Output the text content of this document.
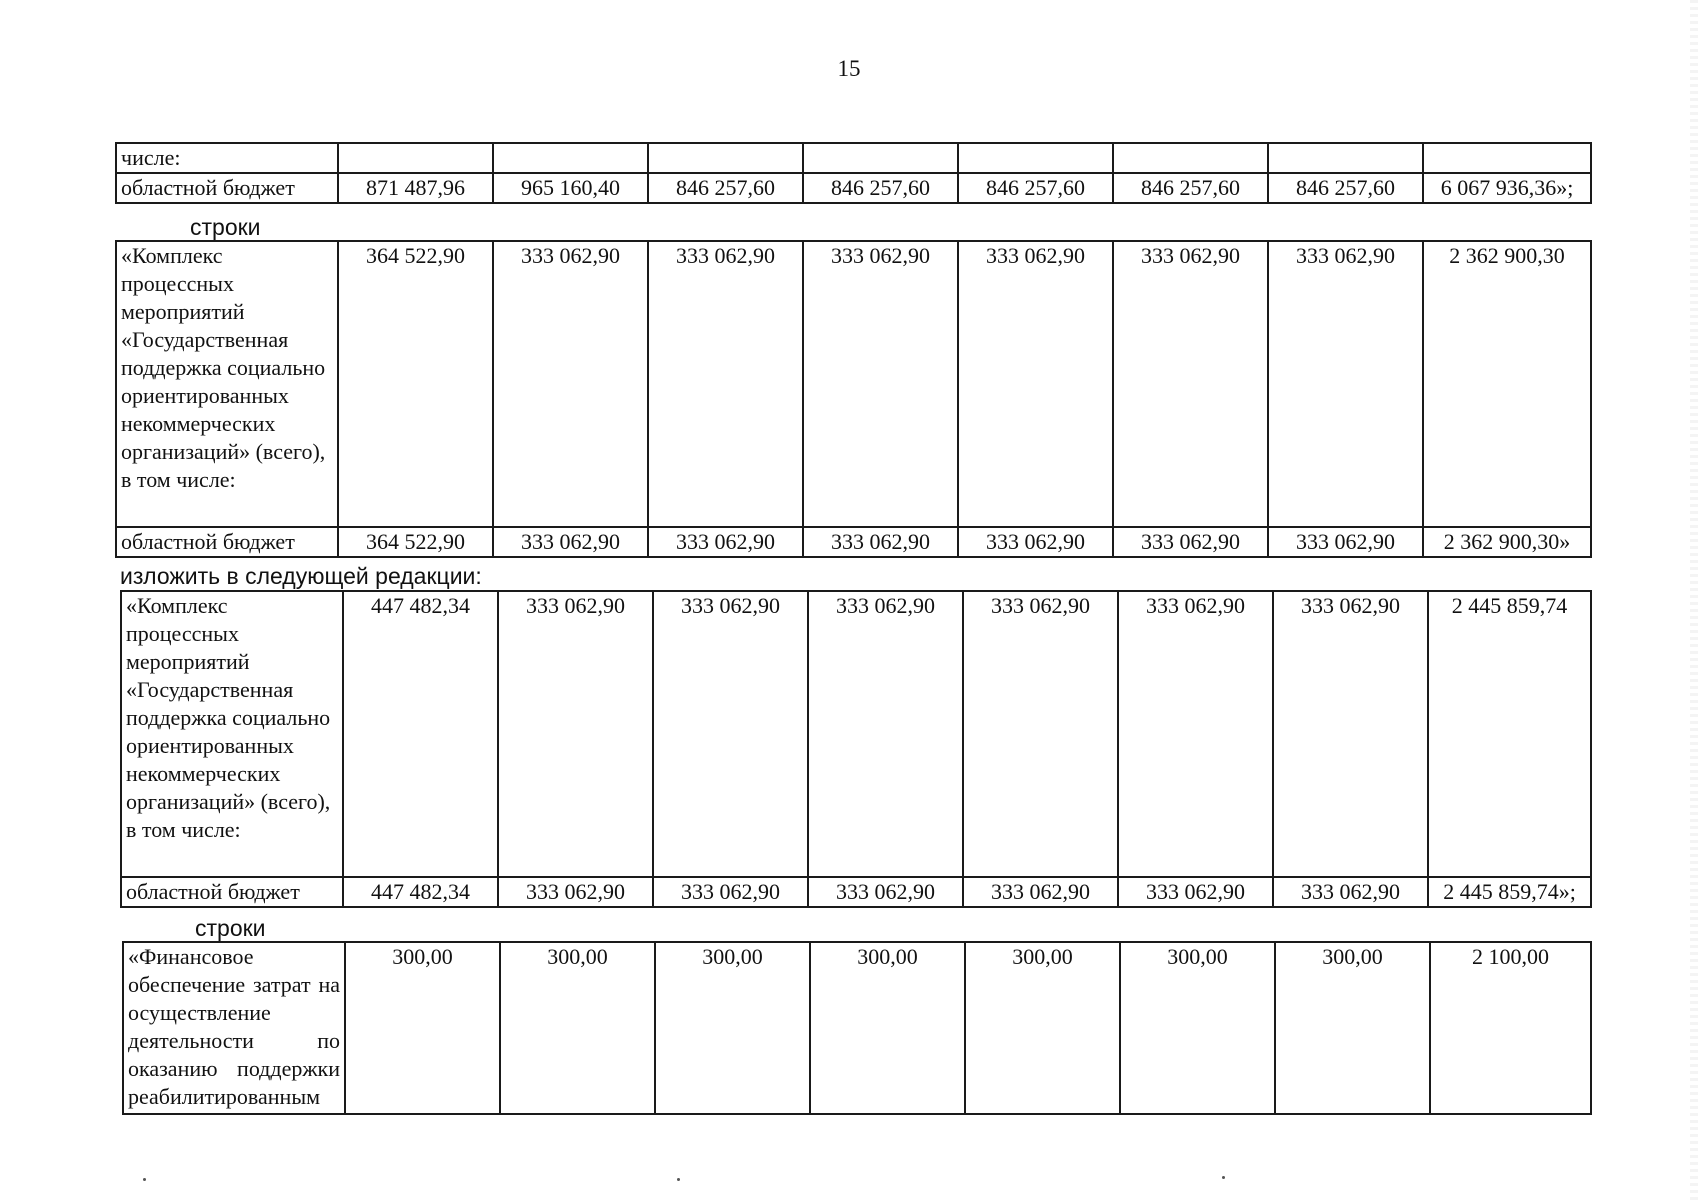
15
числе:								
областной бюджет	871 487,96	965 160,40	846 257,60	846 257,60	846 257,60	846 257,60	846 257,60	6 067 936,36»;
строки
«Комплекс процессных мероприятий «Государственная поддержка социально ориентированных некоммерческих организаций» (всего), в том числе:	364 522,90	333 062,90	333 062,90	333 062,90	333 062,90	333 062,90	333 062,90	2 362 900,30
областной бюджет	364 522,90	333 062,90	333 062,90	333 062,90	333 062,90	333 062,90	333 062,90	2 362 900,30»
изложить в следующей редакции:
«Комплекс процессных мероприятий «Государственная поддержка социально ориентированных некоммерческих организаций» (всего), в том числе:	447 482,34	333 062,90	333 062,90	333 062,90	333 062,90	333 062,90	333 062,90	2 445 859,74
областной бюджет	447 482,34	333 062,90	333 062,90	333 062,90	333 062,90	333 062,90	333 062,90	2 445 859,74»;
строки
«Финансовое обеспечение затрат на осуществление деятельности по оказанию поддержки реабилитированным	300,00	300,00	300,00	300,00	300,00	300,00	300,00	2 100,00
